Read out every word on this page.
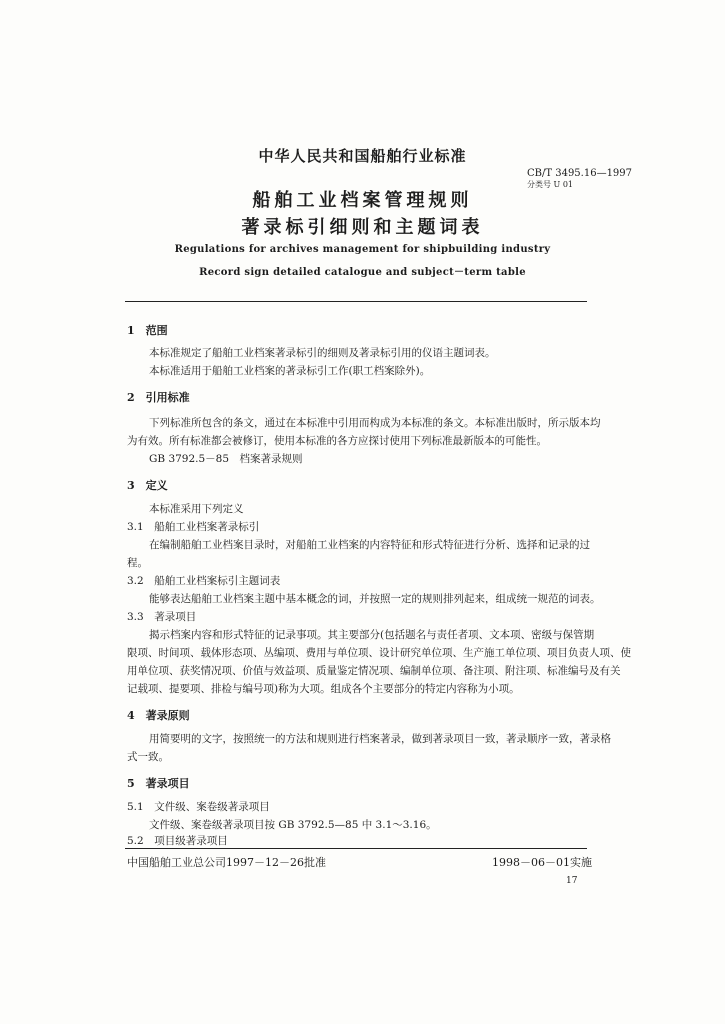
中华人民共和国船舶行业标准
CB/T 3495.16—1997
分类号 U 01
船舶工业档案管理规则
著录标引细则和主题词表
Regulations for archives management for shipbuilding industry
Record sign detailed catalogue and subject－term table
1　范围
本标准规定了船舶工业档案著录标引的细则及著录标引用的仪语主题词表。
本标准适用于船舶工业档案的著录标引工作(职工档案除外)。
2　引用标准
下列标准所包含的条文，通过在本标准中引用而构成为本标准的条文。本标准出版时，所示版本均
为有效。所有标准都会被修订，使用本标准的各方应探讨使用下列标准最新版本的可能性。
GB 3792.5－85　档案著录规则
3　定义
本标准采用下列定义
3.1　船舶工业档案著录标引
在编制船舶工业档案目录时，对船舶工业档案的内容特征和形式特征进行分析、选择和记录的过
程。
3.2　船舶工业档案标引主题词表
能够表达船舶工业档案主题中基本概念的词，并按照一定的规则排列起来，组成统一规范的词表。
3.3　著录项目
揭示档案内容和形式特征的记录事项。其主要部分(包括题名与责任者项、文本项、密级与保管期
限项、时间项、载体形态项、丛编项、费用与单位项、设计研究单位项、生产施工单位项、项目负责人项、使
用单位项、获奖情况项、价值与效益项、质量鉴定情况项、编制单位项、备注项、附注项、标准编号及有关
记载项、提要项、排检与编号项)称为大项。组成各个主要部分的特定内容称为小项。
4　著录原则
用简要明的文字，按照统一的方法和规则进行档案著录，做到著录项目一致，著录顺序一致，著录格
式一致。
5　著录项目
5.1　文件级、案卷级著录项目
文件级、案卷级著录项目按 GB 3792.5—85 中 3.1～3.16。
5.2　项目级著录项目
中国船舶工业总公司1997－12－26批准	1998－06－01实施
17
